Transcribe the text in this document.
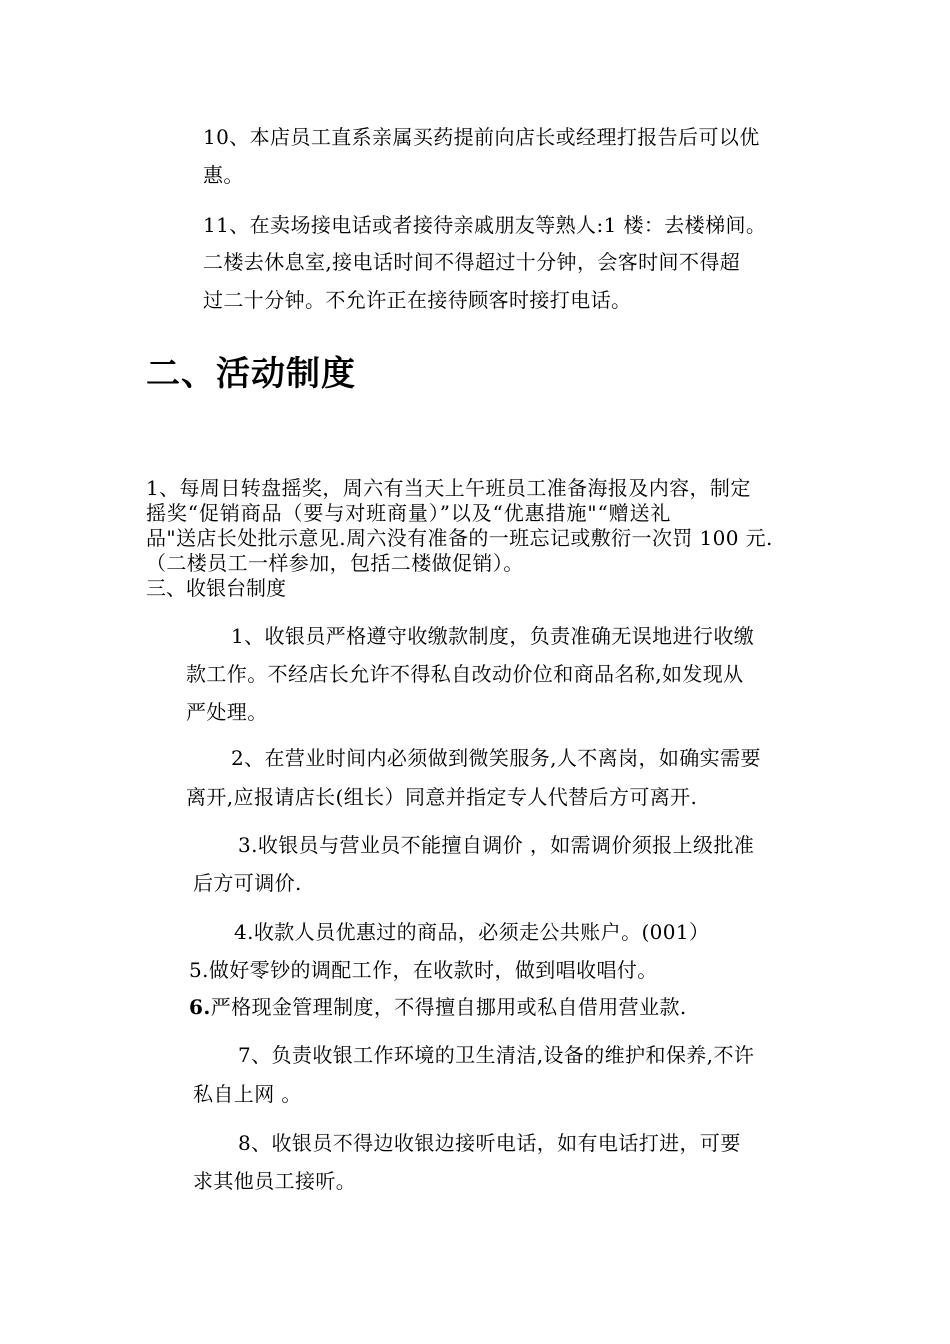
10、本店员工直系亲属买药提前向店长或经理打报告后可以优
惠。
11、在卖场接电话或者接待亲戚朋友等熟人:1 楼：去楼梯间。
二楼去休息室,接电话时间不得超过十分钟，会客时间不得超
过二十分钟。不允许正在接待顾客时接打电话。
二、活动制度
1、每周日转盘摇奖，周六有当天上午班员工准备海报及内容，制定
摇奖“促销商品（要与对班商量）”以及“优惠措施"“赠送礼
品"送店长处批示意见.周六没有准备的一班忘记或敷衍一次罚 100 元.
（二楼员工一样参加，包括二楼做促销）。
三、收银台制度
1、收银员严格遵守收缴款制度，负责准确无误地进行收缴
款工作。不经店长允许不得私自改动价位和商品名称,如发现从
严处理。
2、在营业时间内必须做到微笑服务,人不离岗，如确实需要
离开,应报请店长(组长）同意并指定专人代替后方可离开.
3.收银员与营业员不能擅自调价 ，如需调价须报上级批准
后方可调价.
4.收款人员优惠过的商品，必须走公共账户。(001）
5.做好零钞的调配工作，在收款时，做到唱收唱付。
6.严格现金管理制度，不得擅自挪用或私自借用营业款.
7、负责收银工作环境的卫生清洁,设备的维护和保养,不许
私自上网 。
8、收银员不得边收银边接听电话，如有电话打进，可要
求其他员工接听。
